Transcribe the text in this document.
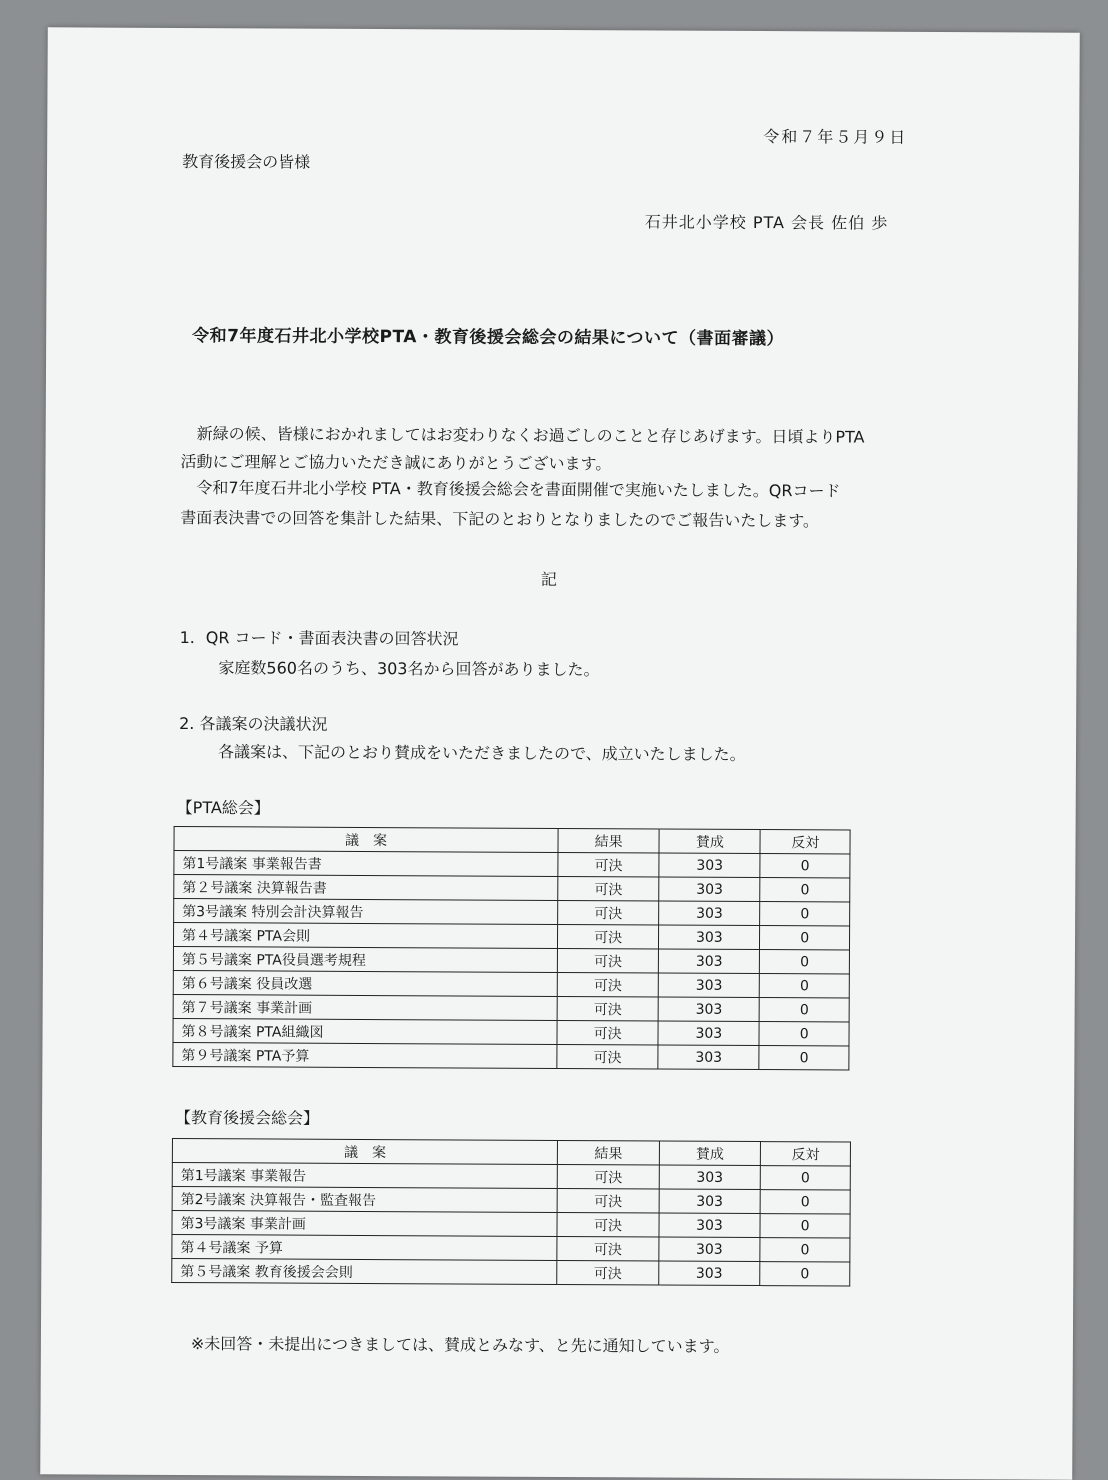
令和７年５月９日
教育後援会の皆様
石井北小学校 PTA 会長 佐伯 歩
令和7年度石井北小学校PTA・教育後援会総会の結果について（書面審議）
　新緑の候、皆様におかれましてはお変わりなくお過ごしのことと存じあげます。日頃よりPTA
活動にご理解とご協力いただき誠にありがとうございます。
　令和7年度石井北小学校 PTA・教育後援会総会を書面開催で実施いたしました。QRコード
書面表決書での回答を集計した結果、下記のとおりとなりましたのでご報告いたします。
記
1．QR コード・書面表決書の回答状況
家庭数560名のうち、303名から回答がありました。
2. 各議案の決議状況
各議案は、下記のとおり賛成をいただきましたので、成立いたしました。
【PTA総会】
議　案	結果	賛成	反対
第1号議案 事業報告書	可決	303	0
第２号議案 決算報告書	可決	303	0
第3号議案 特別会計決算報告	可決	303	0
第４号議案 PTA会則	可決	303	0
第５号議案 PTA役員選考規程	可決	303	0
第６号議案 役員改選	可決	303	0
第７号議案 事業計画	可決	303	0
第８号議案 PTA組織図	可決	303	0
第９号議案 PTA予算	可決	303	0
【教育後援会総会】
議　案	結果	賛成	反対
第1号議案 事業報告	可決	303	0
第2号議案 決算報告・監査報告	可決	303	0
第3号議案 事業計画	可決	303	0
第４号議案 予算	可決	303	0
第５号議案 教育後援会会則	可決	303	0
※未回答・未提出につきましては、賛成とみなす、と先に通知しています。
